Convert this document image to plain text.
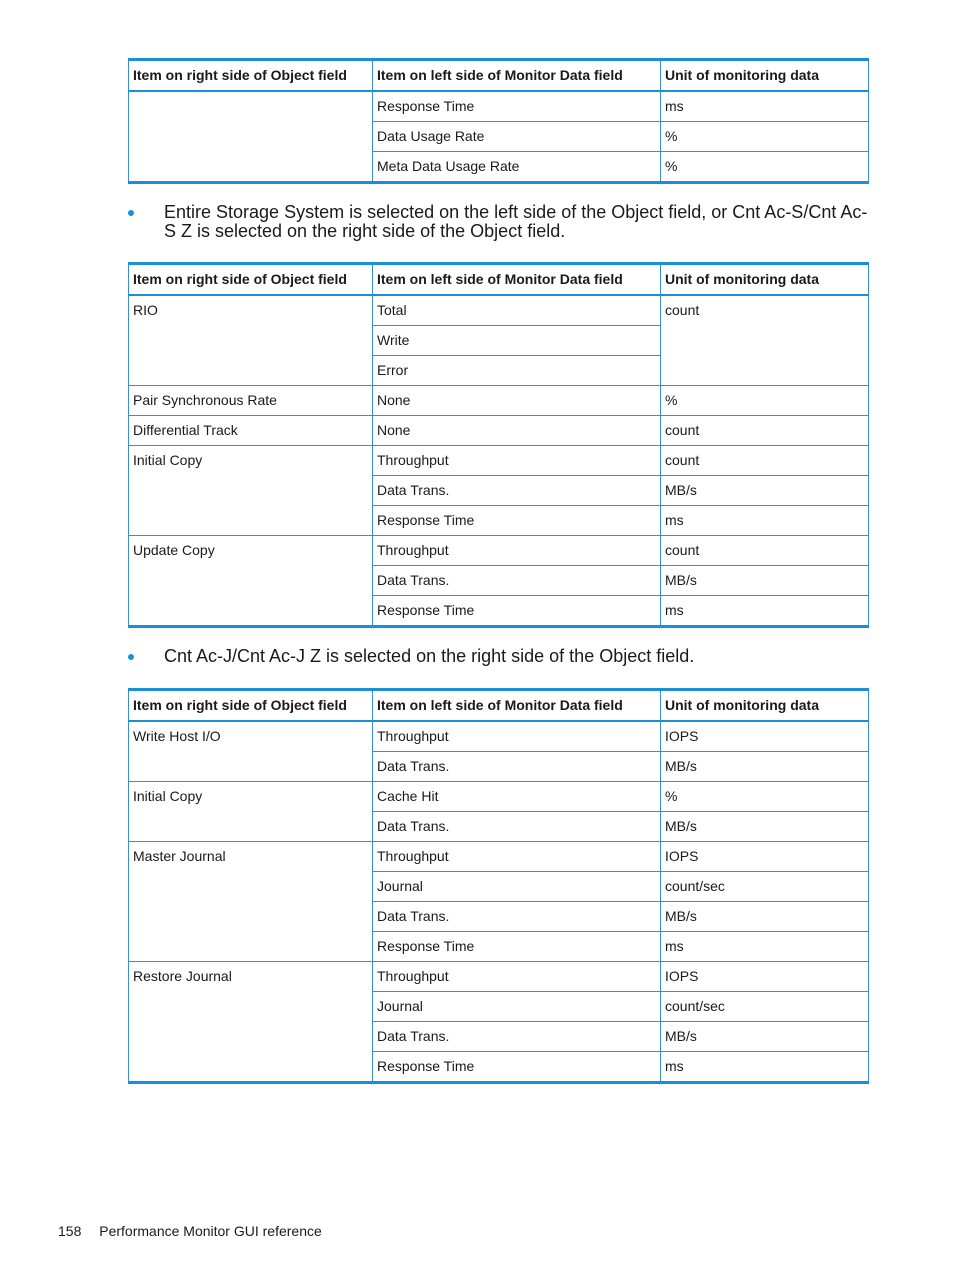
Item on right side of Object field	Item on left side of Monitor Data field	Unit of monitoring data
	Response Time	ms
	Data Usage Rate	%
	Meta Data Usage Rate	%
Entire Storage System is selected on the left side of the Object field, or Cnt Ac-S/Cnt Ac-S Z is selected on the right side of the Object field.
Item on right side of Object field	Item on left side of Monitor Data field	Unit of monitoring data
RIO	Total	count
	Write	
	Error	
Pair Synchronous Rate	None	%
Differential Track	None	count
Initial Copy	Throughput	count
	Data Trans.	MB/s
	Response Time	ms
Update Copy	Throughput	count
	Data Trans.	MB/s
	Response Time	ms
Cnt Ac-J/Cnt Ac-J Z is selected on the right side of the Object field.
Item on right side of Object field	Item on left side of Monitor Data field	Unit of monitoring data
Write Host I/O	Throughput	IOPS
	Data Trans.	MB/s
Initial Copy	Cache Hit	%
	Data Trans.	MB/s
Master Journal	Throughput	IOPS
	Journal	count/sec
	Data Trans.	MB/s
	Response Time	ms
Restore Journal	Throughput	IOPS
	Journal	count/sec
	Data Trans.	MB/s
	Response Time	ms
158 Performance Monitor GUI reference
